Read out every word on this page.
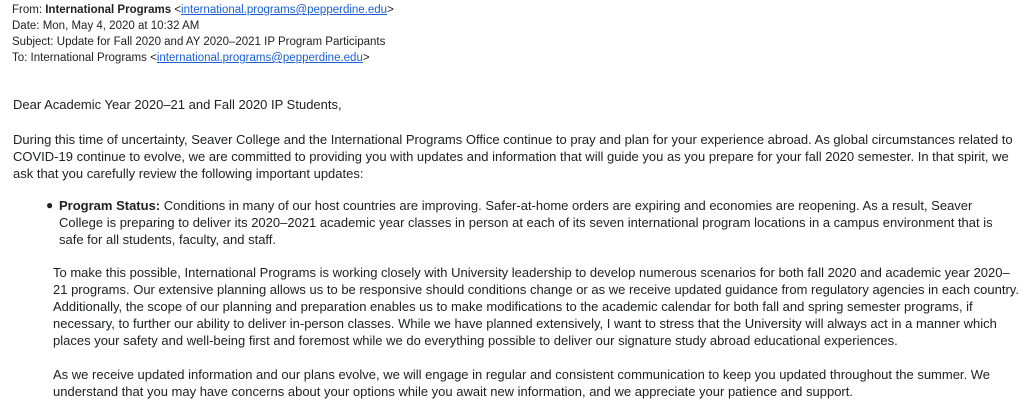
From: International Programs <international.programs@pepperdine.edu>
Date: Mon, May 4, 2020 at 10:32 AM
Subject: Update for Fall 2020 and AY 2020–2021 IP Program Participants
To: International Programs <international.programs@pepperdine.edu>

Dear Academic Year 2020–21 and Fall 2020 IP Students,

During this time of uncertainty, Seaver College and the International Programs Office continue to pray and plan for your experience abroad. As global circumstances related to COVID-19 continue to evolve, we are committed to providing you with updates and information that will guide you as you prepare for your fall 2020 semester. In that spirit, we ask that you carefully review the following important updates:

● Program Status: Conditions in many of our host countries are improving. Safer-at-home orders are expiring and economies are reopening. As a result, Seaver College is preparing to deliver its 2020–2021 academic year classes in person at each of its seven international program locations in a campus environment that is safe for all students, faculty, and staff.

To make this possible, International Programs is working closely with University leadership to develop numerous scenarios for both fall 2020 and academic year 2020–21 programs. Our extensive planning allows us to be responsive should conditions change or as we receive updated guidance from regulatory agencies in each country. Additionally, the scope of our planning and preparation enables us to make modifications to the academic calendar for both fall and spring semester programs, if necessary, to further our ability to deliver in-person classes. While we have planned extensively, I want to stress that the University will always act in a manner which places your safety and well-being first and foremost while we do everything possible to deliver our signature study abroad educational experiences.

As we receive updated information and our plans evolve, we will engage in regular and consistent communication to keep you updated throughout the summer. We understand that you may have concerns about your options while you await new information, and we appreciate your patience and support.
